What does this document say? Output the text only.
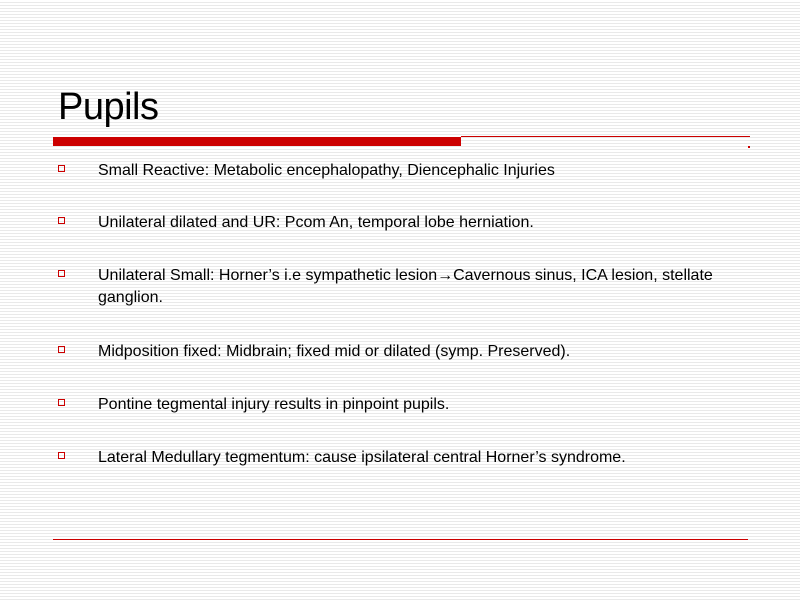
Pupils
Small Reactive: Metabolic encephalopathy, Diencephalic Injuries
Unilateral dilated and UR: Pcom An, temporal lobe herniation.
Unilateral Small: Horner’s i.e sympathetic lesion→Cavernous sinus, ICA lesion, stellate ganglion.
Midposition fixed: Midbrain; fixed mid or dilated (symp. Preserved).
Pontine tegmental injury results in pinpoint pupils.
Lateral Medullary tegmentum: cause ipsilateral central Horner’s syndrome.
